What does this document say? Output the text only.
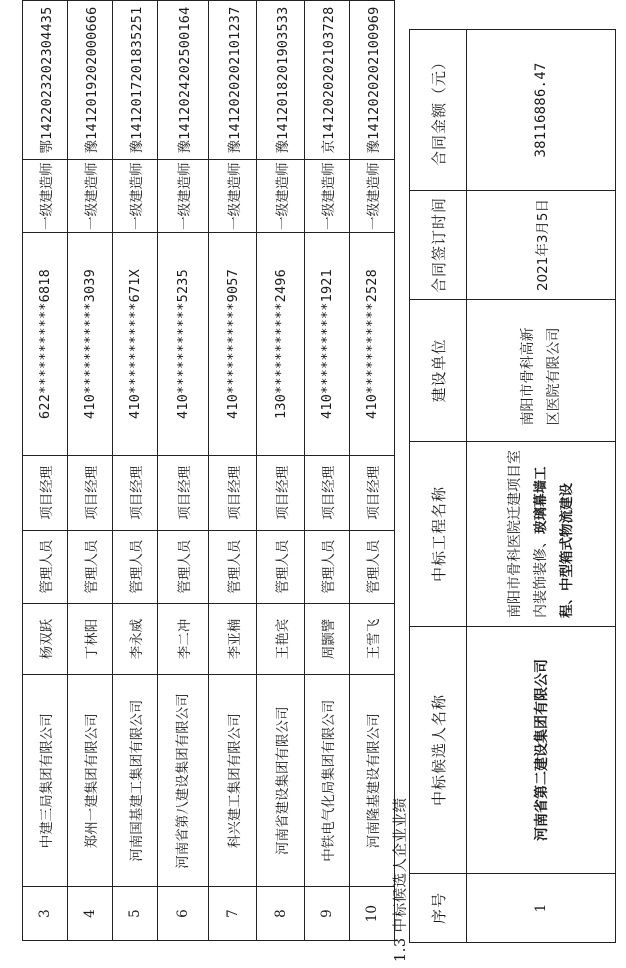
3	中建三局集团有限公司	杨双跃	管理人员	项目经理	622***********6818	一级建造师	鄂142202320230​4435
4	郑州一建集团有限公司	丁林阳	管理人员	项目经理	410***********3039	一级建造师	豫1412019202000666
5	河南国基建工集团有限公司	李永威	管理人员	项目经理	410***********671X	一级建造师	豫1412017201835251
6	河南省第八建设集团有限公司	李二冲	管理人员	项目经理	410***********5235	一级建造师	豫1412024202500164
7	科兴建工集团有限公司	李亚楠	管理人员	项目经理	410***********9057	一级建造师	豫1412020202101237
8	河南省建设集团有限公司	王艳宾	管理人员	项目经理	130***********2496	一级建造师	豫1412018201903533
9	中铁电气化局集团有限公司	周颢譬	管理人员	项目经理	410***********1921	一级建造师	京1412020202103728
10	河南隆基建设有限公司	王雪飞	管理人员	项目经理	410***********2528	一级建造师	豫1412020202100969
1.3 中标候选人企业业绩 序号	中标候选人名称	中标工程名称	建设单位	合同签订时间	合同金额（元）
1	河南省第二建设集团有限公司	南阳市骨科医院迁建项目室内装饰装修、玻璃幕墙工程、中型箱式物流建设	南阳市骨科高新区医院有限公司	2021年3月5日	38116886.47
